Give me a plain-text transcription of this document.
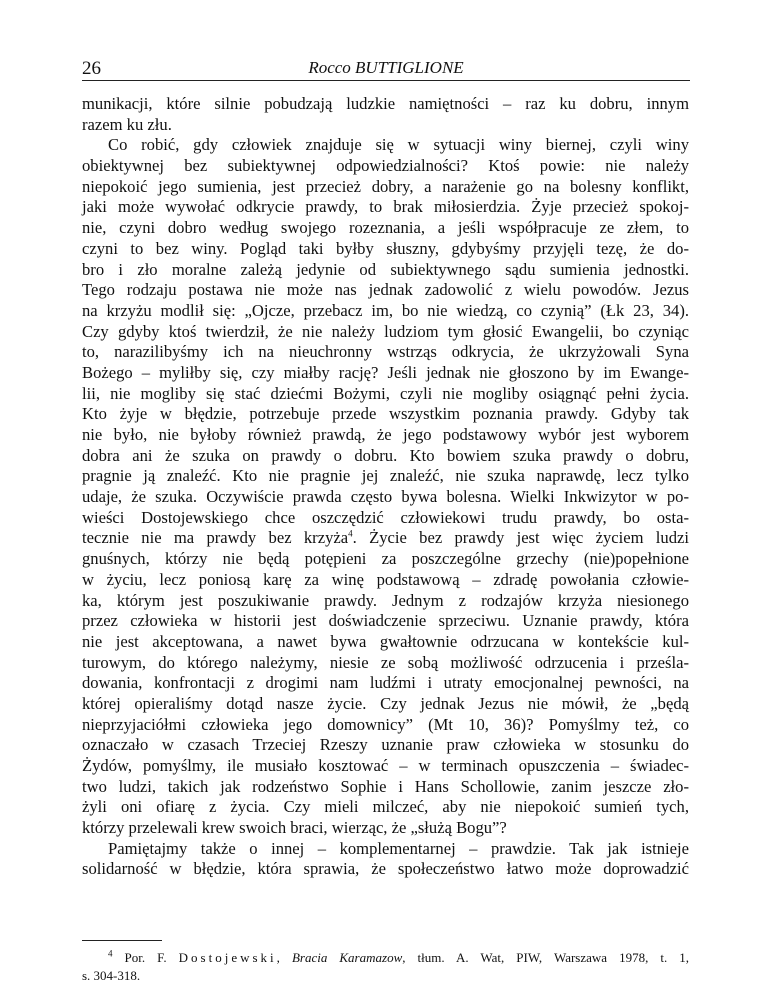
26	Rocco BUTTIGLIONE
munikacji, które silnie pobudzają ludzkie namiętności – raz ku dobru, innym
razem ku złu.
Co robić, gdy człowiek znajduje się w sytuacji winy biernej, czyli winy
obiektywnej bez subiektywnej odpowiedzialności? Ktoś powie: nie należy
niepokoić jego sumienia, jest przecież dobry, a narażenie go na bolesny konflikt,
jaki może wywołać odkrycie prawdy, to brak miłosierdzia. Żyje przecież spokoj-
nie, czyni dobro według swojego rozeznania, a jeśli współpracuje ze złem, to
czyni to bez winy. Pogląd taki byłby słuszny, gdybyśmy przyjęli tezę, że do-
bro i zło moralne zależą jedynie od subiektywnego sądu sumienia jednostki.
Tego rodzaju postawa nie może nas jednak zadowolić z wielu powodów. Jezus
na krzyżu modlił się: „Ojcze, przebacz im, bo nie wiedzą, co czynią” (Łk 23, 34).
Czy gdyby ktoś twierdził, że nie należy ludziom tym głosić Ewangelii, bo czyniąc
to, narazilibyśmy ich na nieuchronny wstrząs odkrycia, że ukrzyżowali Syna
Bożego – myliłby się, czy miałby rację? Jeśli jednak nie głoszono by im Ewange-
lii, nie mogliby się stać dziećmi Bożymi, czyli nie mogliby osiągnąć pełni życia.
Kto żyje w błędzie, potrzebuje przede wszystkim poznania prawdy. Gdyby tak
nie było, nie byłoby również prawdą, że jego podstawowy wybór jest wyborem
dobra ani że szuka on prawdy o dobru. Kto bowiem szuka prawdy o dobru,
pragnie ją znaleźć. Kto nie pragnie jej znaleźć, nie szuka naprawdę, lecz tylko
udaje, że szuka. Oczywiście prawda często bywa bolesna. Wielki Inkwizytor w po-
wieści Dostojewskiego chce oszczędzić człowiekowi trudu prawdy, bo osta-
tecznie nie ma prawdy bez krzyża$^4$. Życie bez prawdy jest więc życiem ludzi
gnuśnych, którzy nie będą potępieni za poszczególne grzechy (nie)popełnione
w życiu, lecz poniosą karę za winę podstawową – zdradę powołania człowie-
ka, którym jest poszukiwanie prawdy. Jednym z rodzajów krzyża niesionego
przez człowieka w historii jest doświadczenie sprzeciwu. Uznanie prawdy, która
nie jest akceptowana, a nawet bywa gwałtownie odrzucana w kontekście kul-
turowym, do którego należymy, niesie ze sobą możliwość odrzucenia i prześla-
dowania, konfrontacji z drogimi nam ludźmi i utraty emocjonalnej pewności, na
której opieraliśmy dotąd nasze życie. Czy jednak Jezus nie mówił, że „będą
nieprzyjaciółmi człowieka jego domownicy” (Mt 10, 36)? Pomyślmy też, co
oznaczało w czasach Trzeciej Rzeszy uznanie praw człowieka w stosunku do
Żydów, pomyślmy, ile musiało kosztować – w terminach opuszczenia – świadec-
two ludzi, takich jak rodzeństwo Sophie i Hans Schollowie, zanim jeszcze zło-
żyli oni ofiarę z życia. Czy mieli milczeć, aby nie niepokoić sumień tych,
którzy przelewali krew swoich braci, wierząc, że „służą Bogu”?
Pamiętajmy także o innej – komplementarnej – prawdzie. Tak jak istnieje
solidarność w błędzie, która sprawia, że społeczeństwo łatwo może doprowadzić
$^4$ Por. F. Dostojewski, Bracia Karamazow, tłum. A. Wat, PIW, Warszawa 1978, t. 1,
s. 304-318.
